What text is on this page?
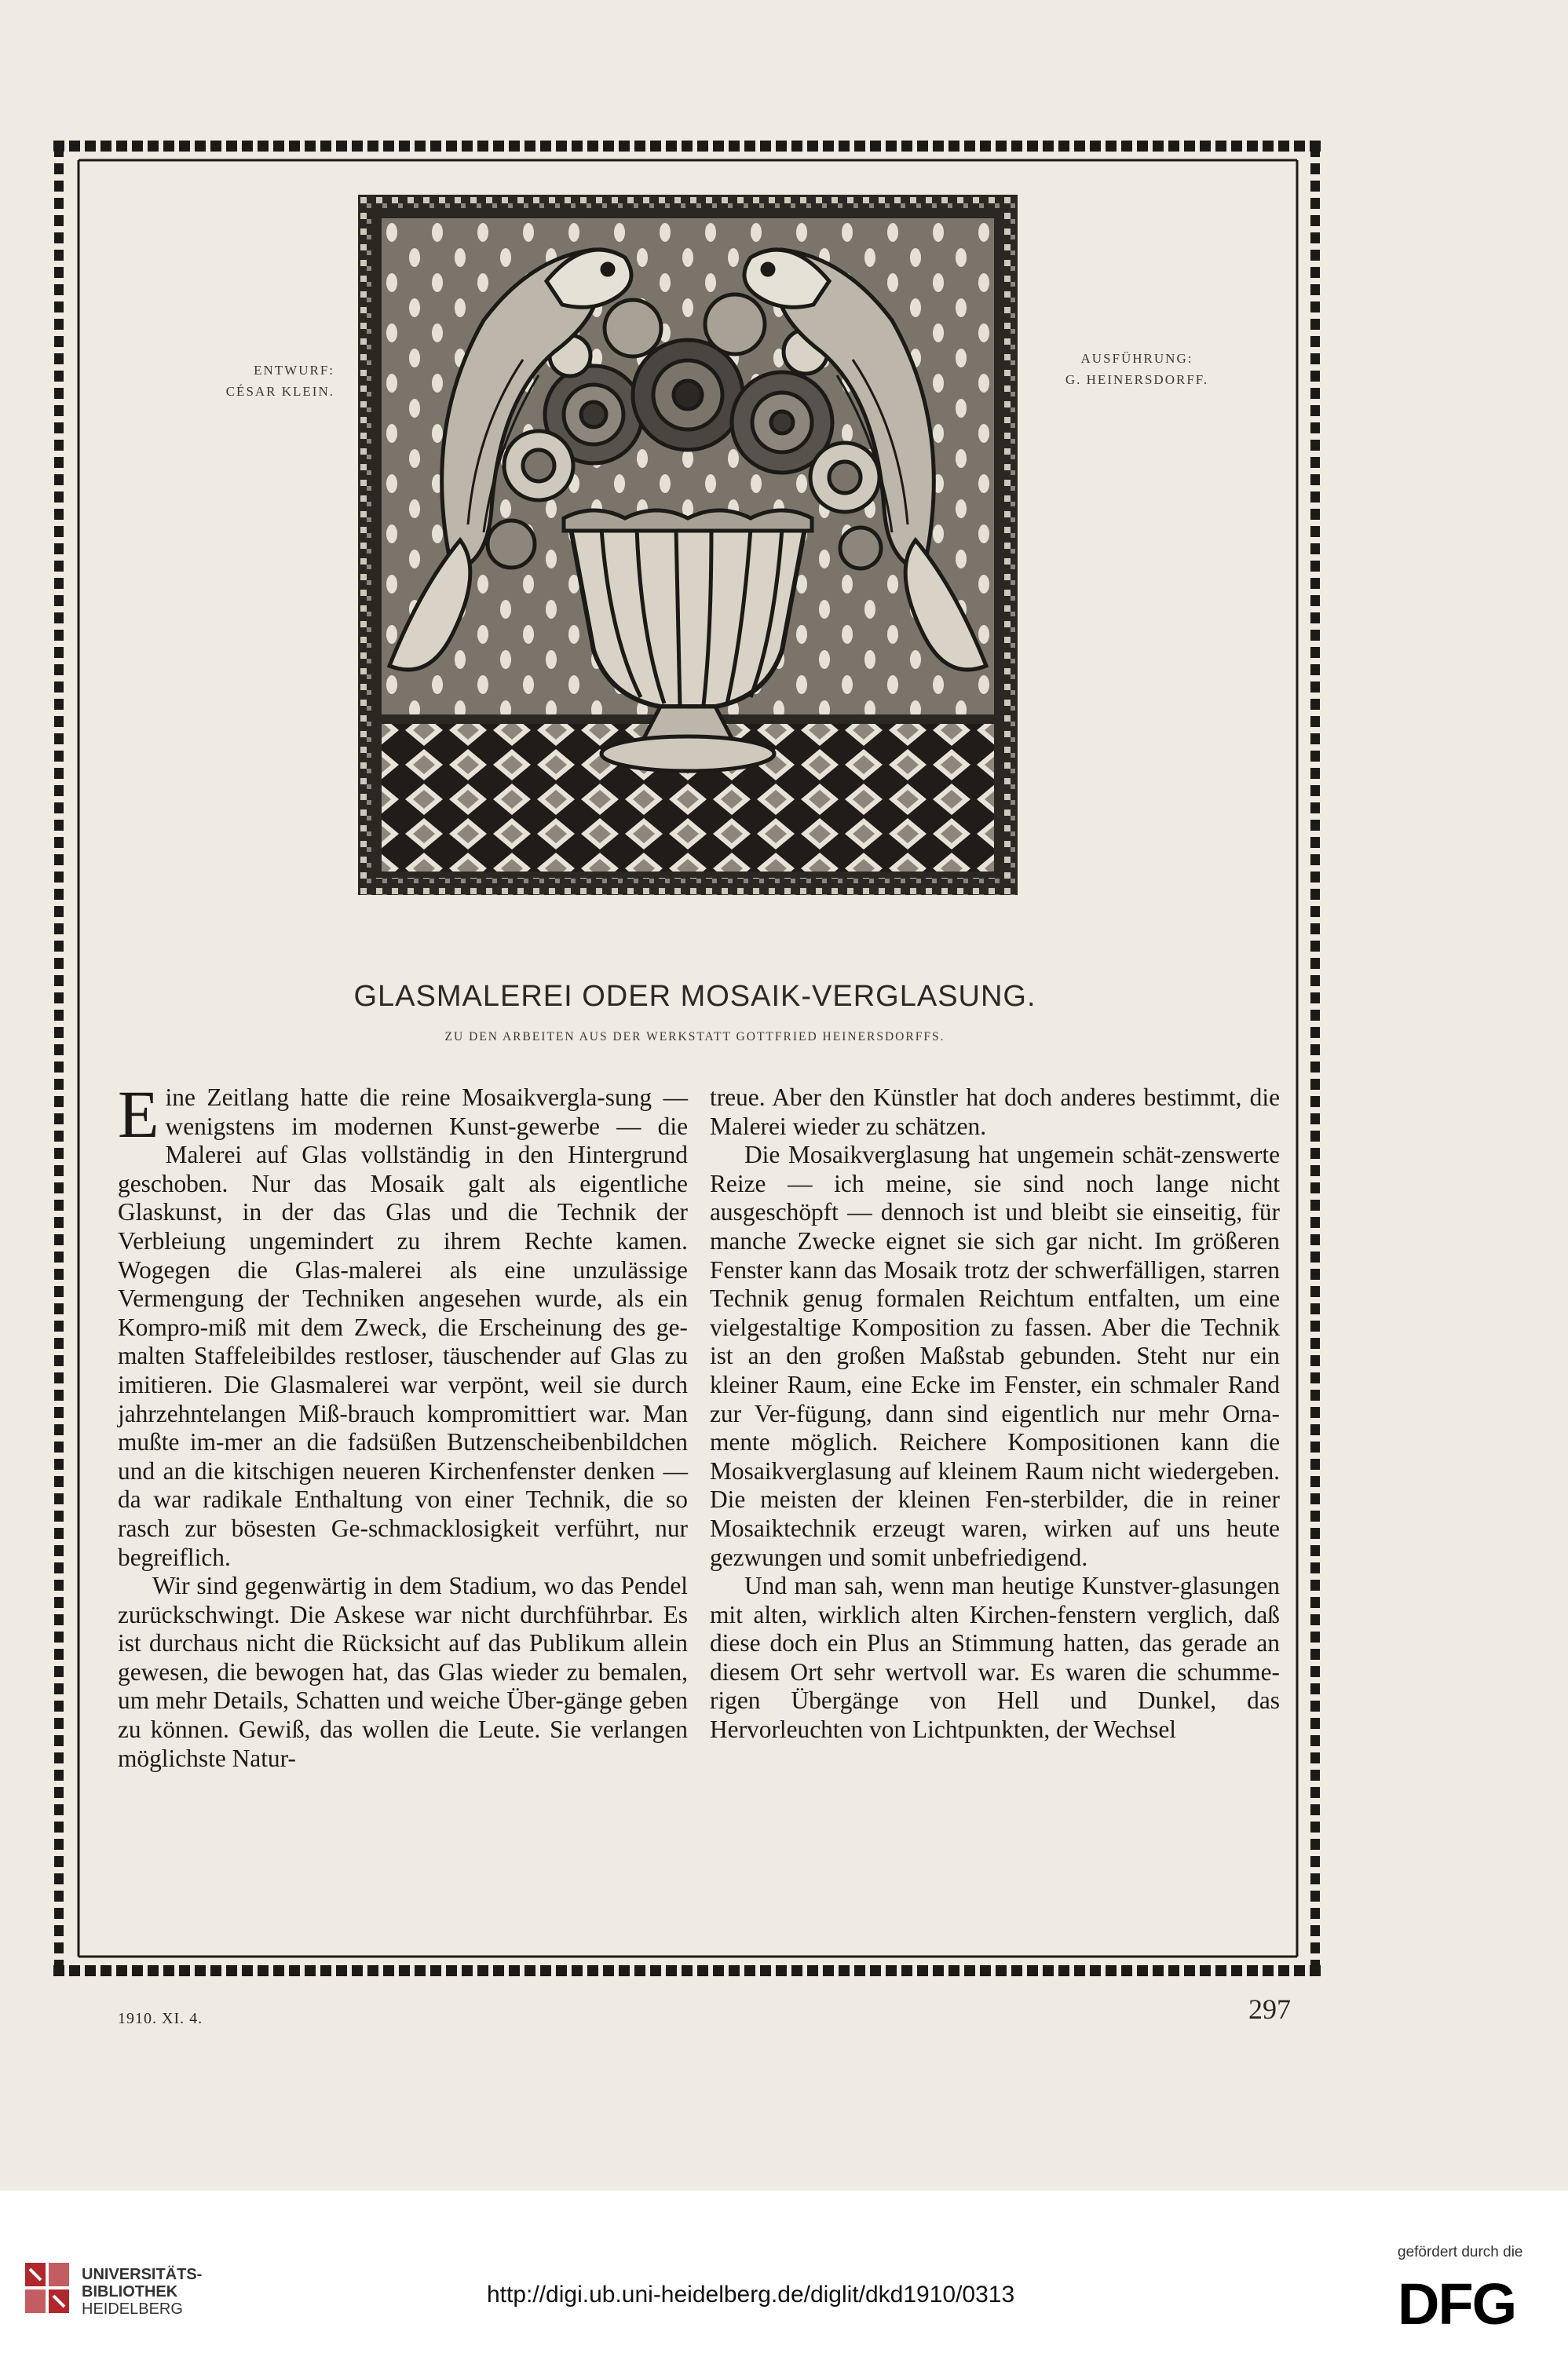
ENTWURF:
CÉSAR KLEIN.
AUSFÜHRUNG:
G. HEINERSDORFF.
GLASMALEREI ODER MOSAIK-VERGLASUNG.
ZU DEN ARBEITEN AUS DER WERKSTATT GOTTFRIED HEINERSDORFFS.

Eine Zeitlang hatte die reine Mosaikvergla-sung — wenigstens im modernen Kunst-gewerbe — die Malerei auf Glas vollständig in den Hintergrund geschoben. Nur das Mosaik galt als eigentliche Glaskunst, in der das Glas und die Technik der Verbleiung ungemindert zu ihrem Rechte kamen. Wogegen die Glas-malerei als eine unzulässige Vermengung der Techniken angesehen wurde, als ein Kompro-miß mit dem Zweck, die Erscheinung des ge-malten Staffeleibildes restloser, täuschender auf Glas zu imitieren. Die Glasmalerei war verpönt, weil sie durch jahrzehntelangen Miß-brauch kompromittiert war. Man mußte im-mer an die fadsüßen Butzenscheibenbildchen und an die kitschigen neueren Kirchenfenster denken — da war radikale Enthaltung von einer Technik, die so rasch zur bösesten Ge-schmacklosigkeit verführt, nur begreiflich.

Wir sind gegenwärtig in dem Stadium, wo das Pendel zurückschwingt. Die Askese war nicht durchführbar. Es ist durchaus nicht die Rücksicht auf das Publikum allein gewesen, die bewogen hat, das Glas wieder zu bemalen, um mehr Details, Schatten und weiche Über-gänge geben zu können. Gewiß, das wollen die Leute. Sie verlangen möglichste Natur-

treue. Aber den Künstler hat doch anderes bestimmt, die Malerei wieder zu schätzen.

Die Mosaikverglasung hat ungemein schät-zenswerte Reize — ich meine, sie sind noch lange nicht ausgeschöpft — dennoch ist und bleibt sie einseitig, für manche Zwecke eignet sie sich gar nicht. Im größeren Fenster kann das Mosaik trotz der schwerfälligen, starren Technik genug formalen Reichtum entfalten, um eine vielgestaltige Komposition zu fassen. Aber die Technik ist an den großen Maßstab gebunden. Steht nur ein kleiner Raum, eine Ecke im Fenster, ein schmaler Rand zur Ver-fügung, dann sind eigentlich nur mehr Orna-mente möglich. Reichere Kompositionen kann die Mosaikverglasung auf kleinem Raum nicht wiedergeben. Die meisten der kleinen Fen-sterbilder, die in reiner Mosaiktechnik erzeugt waren, wirken auf uns heute gezwungen und somit unbefriedigend.

Und man sah, wenn man heutige Kunstver-glasungen mit alten, wirklich alten Kirchen-fenstern verglich, daß diese doch ein Plus an Stimmung hatten, das gerade an diesem Ort sehr wertvoll war. Es waren die schumme-rigen Übergänge von Hell und Dunkel, das Hervorleuchten von Lichtpunkten, der Wechsel

1910. XI. 4.	297
UNIVERSITÄTS-
BIBLIOTHEK
HEIDELBERG
http://digi.ub.uni-heidelberg.de/diglit/dkd1910/0313
gefördert durch die
DFG
